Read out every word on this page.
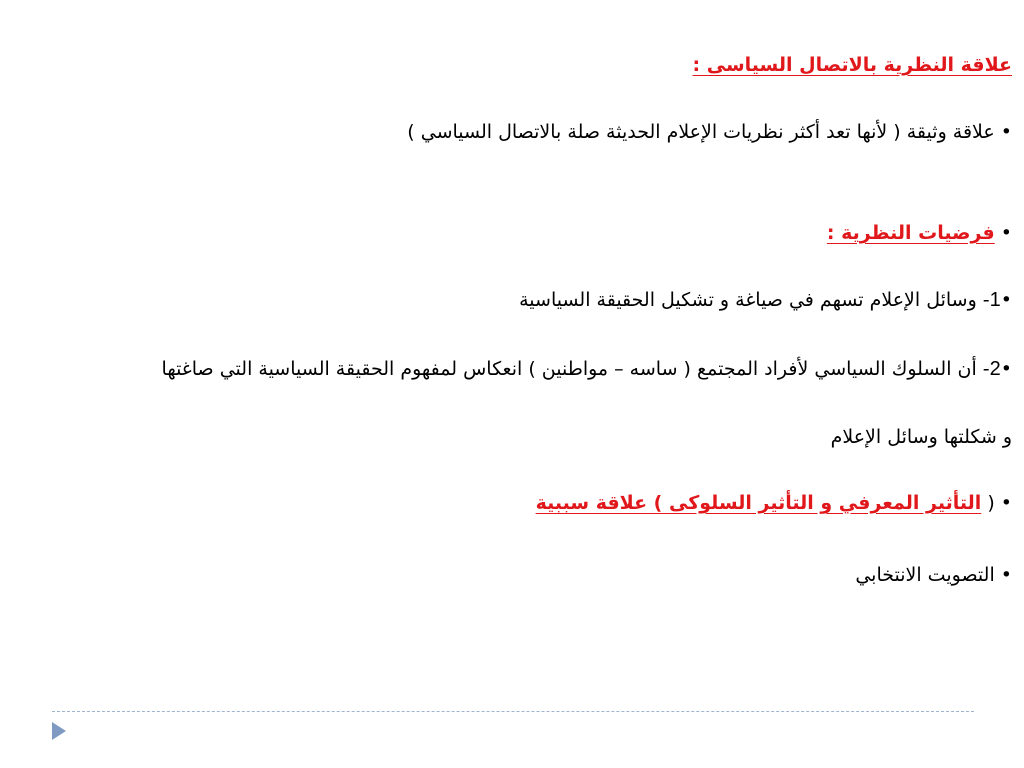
علاقة النظرية بالاتصال السياسى :
• علاقة وثيقة ( لأنها تعد أكثر نظريات الإعلام الحديثة صلة بالاتصال السياسي )
• فرضيات النظرية :
•1- وسائل الإعلام تسهم في صياغة و تشكيل الحقيقة السياسية
•2- أن السلوك السياسي لأفراد المجتمع ( ساسه – مواطنين ) انعكاس لمفهوم الحقيقة السياسية التي صاغتها
و شكلتها وسائل الإعلام
• ( التأثير المعرفي و التأثير السلوكى ) علاقة سببية
• التصويت الانتخابي
